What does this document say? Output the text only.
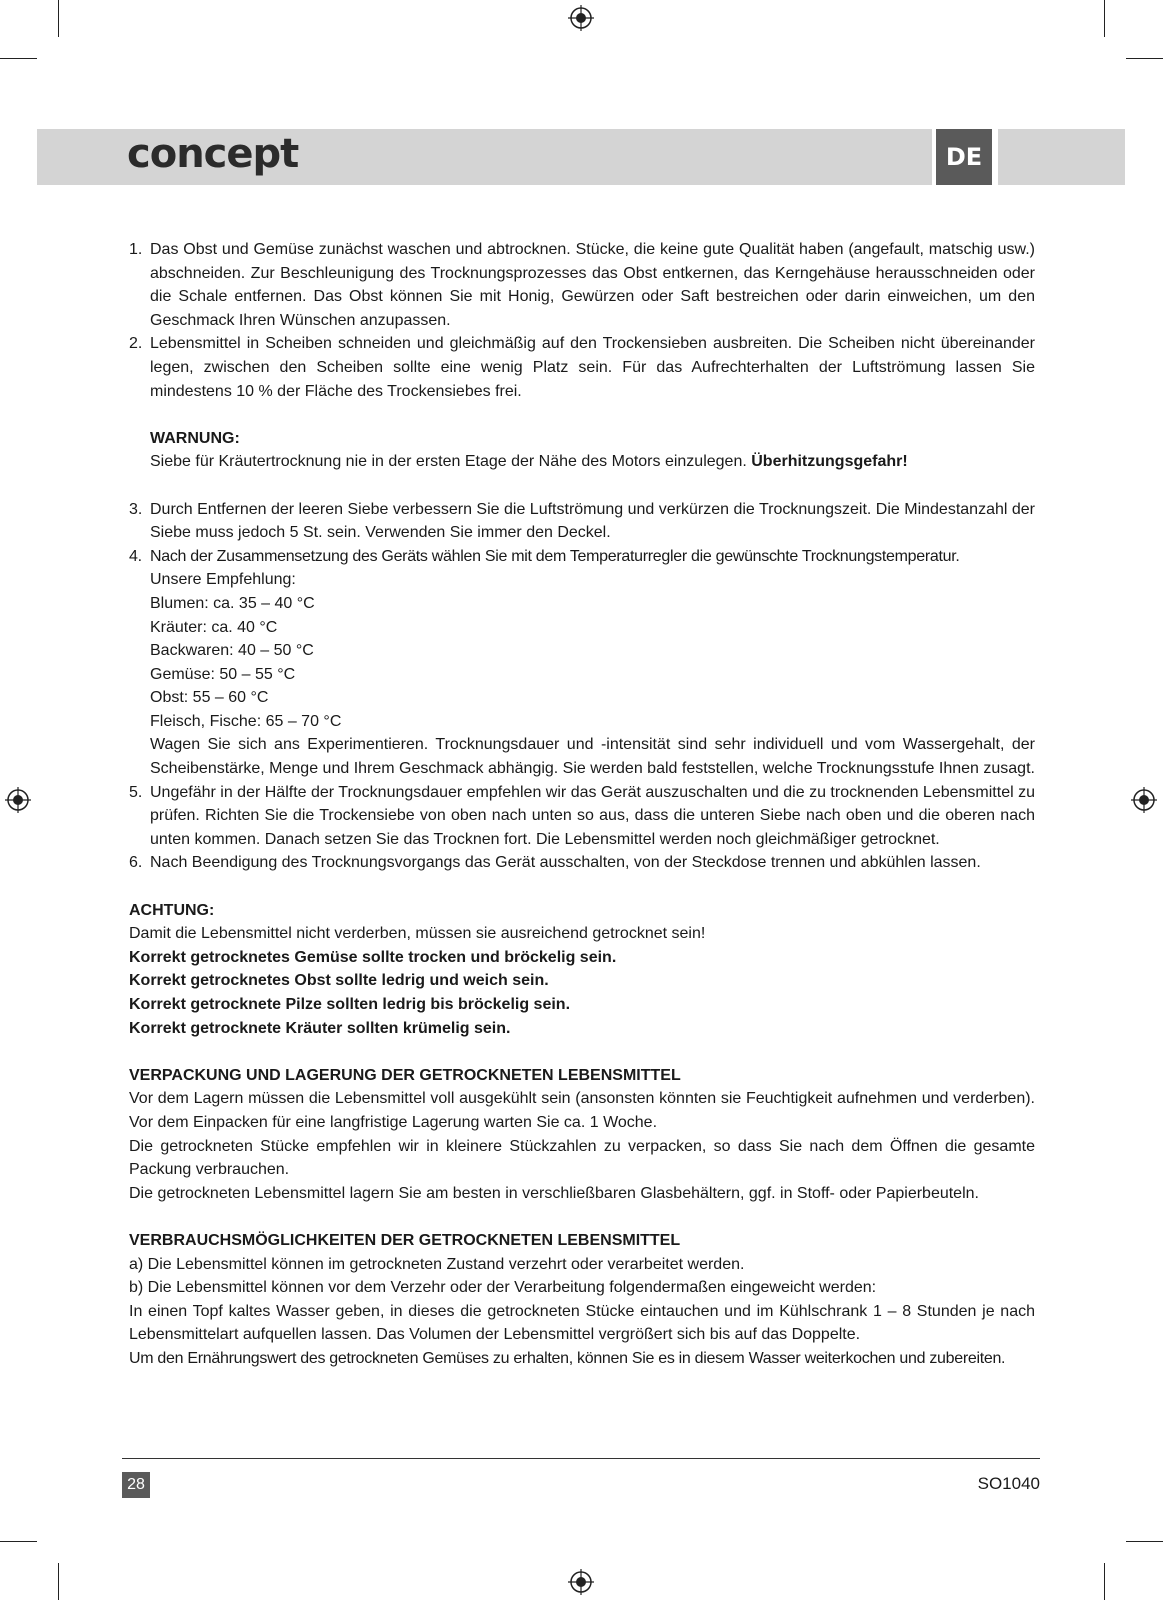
concept	DE
1. Das Obst und Gemüse zunächst waschen und abtrocknen. Stücke, die keine gute Qualität haben (angefault, matschig usw.) abschneiden. Zur Beschleunigung des Trocknungsprozesses das Obst entkernen, das Kerngehäuse herausschneiden oder die Schale entfernen. Das Obst können Sie mit Honig, Gewürzen oder Saft bestreichen oder darin einweichen, um den Geschmack Ihren Wünschen anzupassen.
2. Lebensmittel in Scheiben schneiden und gleichmäßig auf den Trockensieben ausbreiten. Die Scheiben nicht übereinander legen, zwischen den Scheiben sollte eine wenig Platz sein. Für das Aufrechterhalten der Luftströmung lassen Sie mindestens 10 % der Fläche des Trockensiebes frei.
WARNUNG:
Siebe für Kräutertrocknung nie in der ersten Etage der Nähe des Motors einzulegen. Überhitzungsgefahr!
3. Durch Entfernen der leeren Siebe verbessern Sie die Luftströmung und verkürzen die Trocknungszeit. Die Mindestanzahl der Siebe muss jedoch 5 St. sein. Verwenden Sie immer den Deckel.
4. Nach der Zusammensetzung des Geräts wählen Sie mit dem Temperaturregler die gewünschte Trocknungstemperatur.
Unsere Empfehlung:
Blumen: ca. 35 – 40 °C
Kräuter: ca. 40 °C
Backwaren: 40 – 50 °C
Gemüse: 50 – 55 °C
Obst: 55 – 60 °C
Fleisch, Fische: 65 – 70 °C
Wagen Sie sich ans Experimentieren. Trocknungsdauer und -intensität sind sehr individuell und vom Wassergehalt, der Scheibenstärke, Menge und Ihrem Geschmack abhängig. Sie werden bald feststellen, welche Trocknungsstufe Ihnen zusagt.
5. Ungefähr in der Hälfte der Trocknungsdauer empfehlen wir das Gerät auszuschalten und die zu trocknenden Lebensmittel zu prüfen. Richten Sie die Trockensiebe von oben nach unten so aus, dass die unteren Siebe nach oben und die oberen nach unten kommen. Danach setzen Sie das Trocknen fort. Die Lebensmittel werden noch gleichmäßiger getrocknet.
6. Nach Beendigung des Trocknungsvorgangs das Gerät ausschalten, von der Steckdose trennen und abkühlen lassen.

ACHTUNG:

Damit die Lebensmittel nicht verderben, müssen sie ausreichend getrocknet sein!

Korrekt getrocknetes Gemüse sollte trocken und bröckelig sein.

Korrekt getrocknetes Obst sollte ledrig und weich sein.

Korrekt getrocknete Pilze sollten ledrig bis bröckelig sein.

Korrekt getrocknete Kräuter sollten krümelig sein.

VERPACKUNG UND LAGERUNG DER GETROCKNETEN LEBENSMITTEL

Vor dem Lagern müssen die Lebensmittel voll ausgekühlt sein (ansonsten könnten sie Feuchtigkeit aufnehmen und verderben). Vor dem Einpacken für eine langfristige Lagerung warten Sie ca. 1 Woche.

Die getrockneten Stücke empfehlen wir in kleinere Stückzahlen zu verpacken, so dass Sie nach dem Öffnen die gesamte Packung verbrauchen.

Die getrockneten Lebensmittel lagern Sie am besten in verschließbaren Glasbehältern, ggf. in Stoff- oder Papierbeuteln.

VERBRAUCHSMÖGLICHKEITEN DER GETROCKNETEN LEBENSMITTEL

a) Die Lebensmittel können im getrockneten Zustand verzehrt oder verarbeitet werden.

b) Die Lebensmittel können vor dem Verzehr oder der Verarbeitung folgendermaßen eingeweicht werden:

In einen Topf kaltes Wasser geben, in dieses die getrockneten Stücke eintauchen und im Kühlschrank 1 – 8 Stunden je nach Lebensmittelart aufquellen lassen. Das Volumen der Lebensmittel vergrößert sich bis auf das Doppelte.

Um den Ernährungswert des getrockneten Gemüses zu erhalten, können Sie es in diesem Wasser weiterkochen und zubereiten.

28	SO1040
